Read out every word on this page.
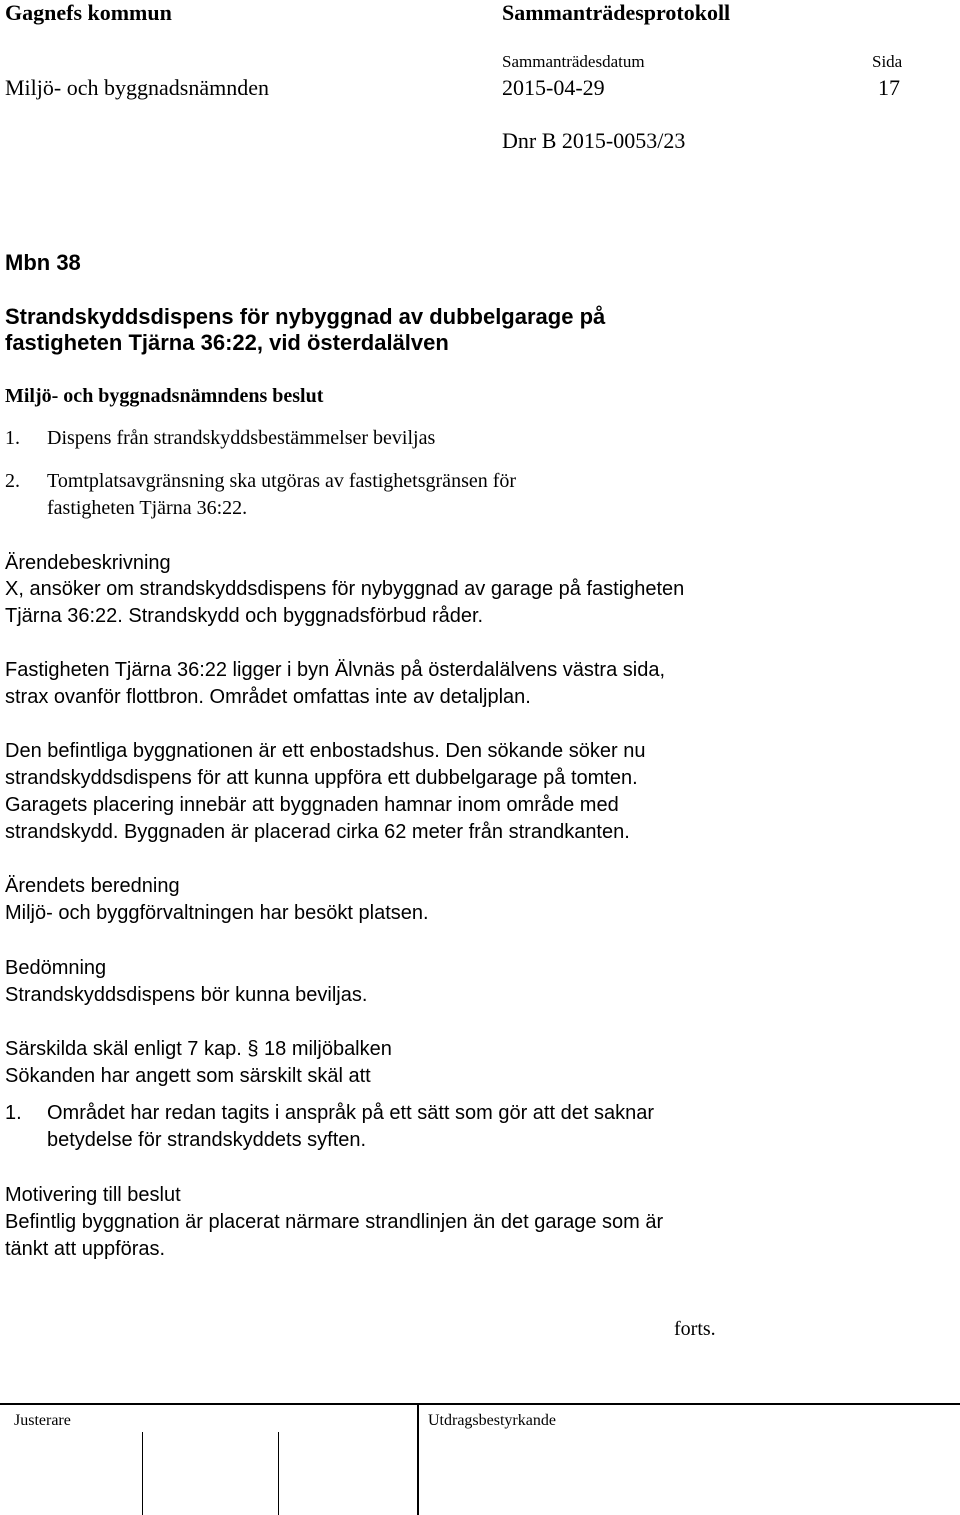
Gagnefs kommun	Sammanträdesprotokoll
Sammanträdesdatum	Sida
Miljö- och byggnadsnämnden	2015-04-29	17
Dnr B 2015-0053/23
Mbn 38
Strandskyddsdispens för nybyggnad av dubbelgarage på
fastigheten Tjärna 36:22, vid österdalälven
Miljö- och byggnadsnämndens beslut
1. Dispens från strandskyddsbestämmelser beviljas
2. Tomtplatsavgränsning ska utgöras av fastighetsgränsen för
fastigheten Tjärna 36:22.
Ärendebeskrivning
X, ansöker om strandskyddsdispens för nybyggnad av garage på fastigheten
Tjärna 36:22. Strandskydd och byggnadsförbud råder.
Fastigheten Tjärna 36:22 ligger i byn Älvnäs på österdalälvens västra sida,
strax ovanför flottbron. Området omfattas inte av detaljplan.
Den befintliga byggnationen är ett enbostadshus. Den sökande söker nu
strandskyddsdispens för att kunna uppföra ett dubbelgarage på tomten.
Garagets placering innebär att byggnaden hamnar inom område med
strandskydd. Byggnaden är placerad cirka 62 meter från strandkanten.
Ärendets beredning
Miljö- och byggförvaltningen har besökt platsen.
Bedömning
Strandskyddsdispens bör kunna beviljas.
Särskilda skäl enligt 7 kap. § 18 miljöbalken
Sökanden har angett som särskilt skäl att
1. Området har redan tagits i anspråk på ett sätt som gör att det saknar
betydelse för strandskyddets syften.
Motivering till beslut
Befintlig byggnation är placerat närmare strandlinjen än det garage som är
tänkt att uppföras.
forts.
Justerare	Utdragsbestyrkande
